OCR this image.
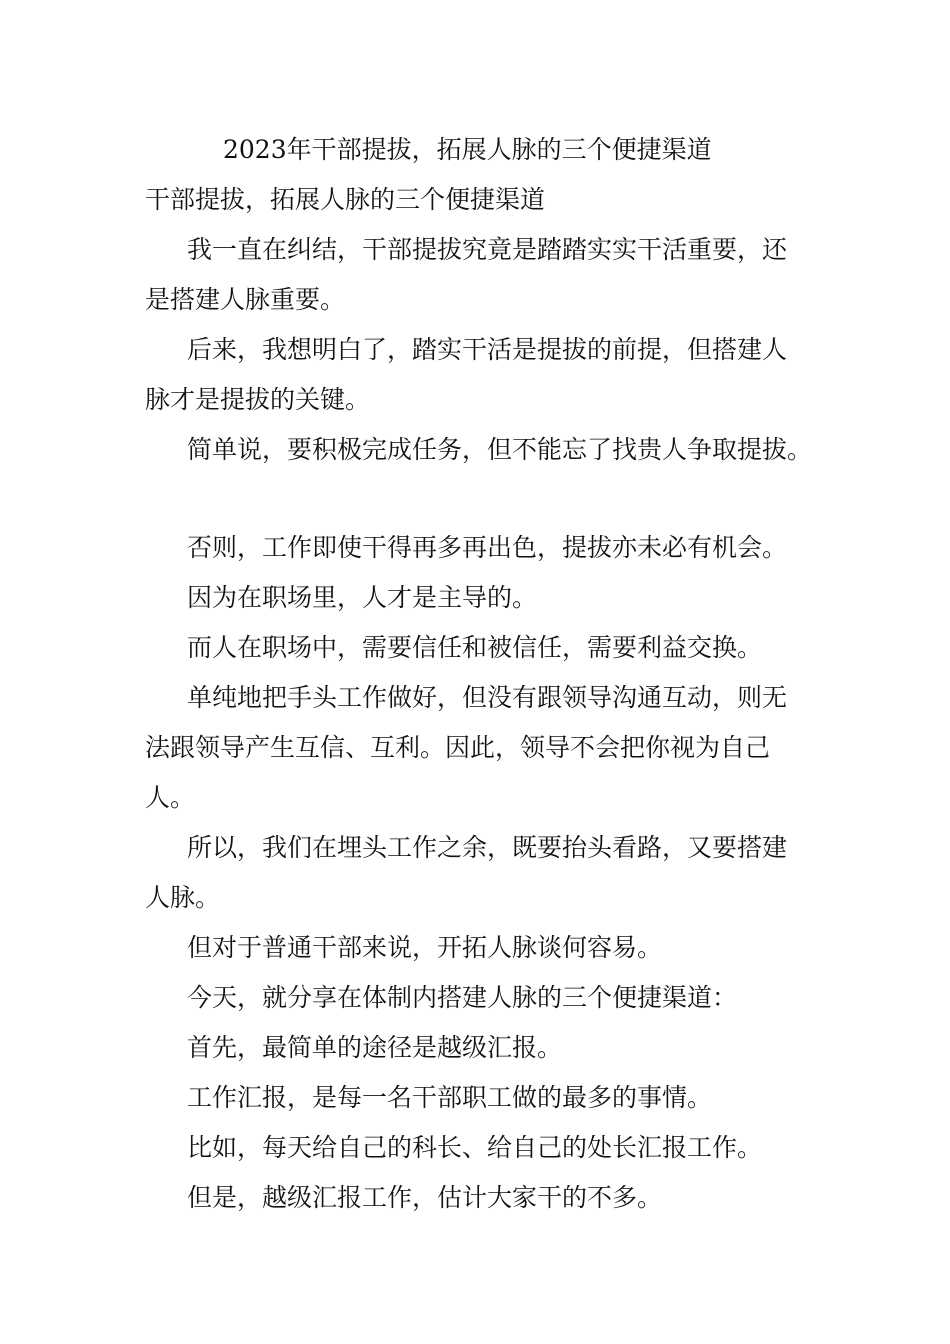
2023年干部提拔，拓展人脉的三个便捷渠道

干部提拔，拓展人脉的三个便捷渠道

我一直在纠结，干部提拔究竟是踏踏实实干活重要，还

是搭建人脉重要。

后来，我想明白了，踏实干活是提拔的前提，但搭建人

脉才是提拔的关键。

简单说，要积极完成任务，但不能忘了找贵人争取提拔。

否则，工作即使干得再多再出色，提拔亦未必有机会。

因为在职场里，人才是主导的。

而人在职场中，需要信任和被信任，需要利益交换。

单纯地把手头工作做好，但没有跟领导沟通互动，则无

法跟领导产生互信、互利。因此，领导不会把你视为自己

人。

所以，我们在埋头工作之余，既要抬头看路，又要搭建

人脉。

但对于普通干部来说，开拓人脉谈何容易。

今天，就分享在体制内搭建人脉的三个便捷渠道：

首先，最简单的途径是越级汇报。

工作汇报，是每一名干部职工做的最多的事情。

比如，每天给自己的科长、给自己的处长汇报工作。

但是，越级汇报工作，估计大家干的不多。
